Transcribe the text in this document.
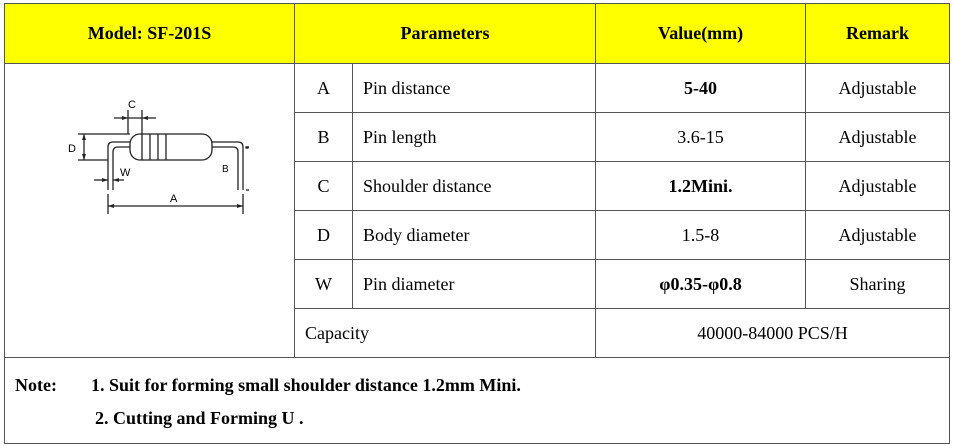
Model: SF-201S	Parameters		Value(mm)	Remark

C
D
W
A
B	A	Pin distance	5-40	Adjustable
	B	Pin length	3.6-15	Adjustable
	C	Shoulder distance	1.2Mini.	Adjustable
	D	Body diameter	1.5-8	Adjustable
	W	Pin diameter	φ0.35-φ0.8	Sharing
	Capacity		40000-84000 PCS/H	

Note: 1. Suit for forming small shoulder distance 1.2mm Mini.
2. Cutting and Forming U .				
